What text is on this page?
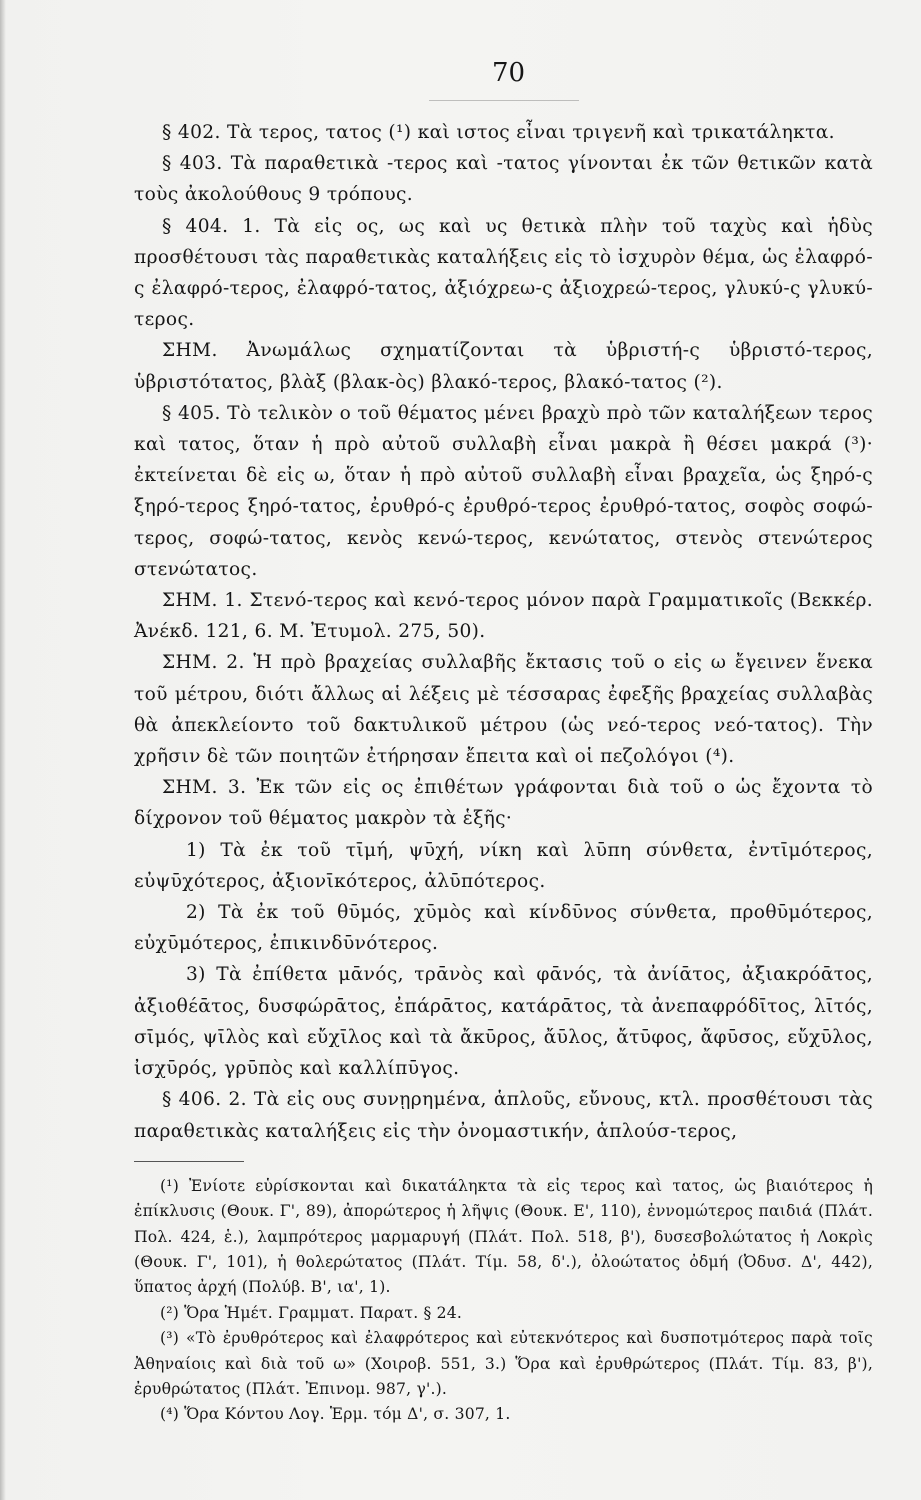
70

§ 402. Τὰ τερος, τατος (¹) καὶ ιστος εἶναι τριγενῆ καὶ τρικατάληκτα.

§ 403. Τὰ παραθετικὰ -τερος καὶ -τατος γίνονται ἐκ τῶν θετικῶν κατὰ τοὺς ἀκολούθους 9 τρόπους.

§ 404. 1. Τὰ εἰς ος, ως καὶ υς θετικὰ πλὴν τοῦ ταχὺς καὶ ἡδὺς προσθέτουσι τὰς παραθετικὰς καταλήξεις εἰς τὸ ἰσχυρὸν θέμα, ὡς ἐλαφρό-ς ἐλαφρό-τερος, ἐλαφρό-τατος, ἀξιόχρεω-ς ἀξιοχρεώ-τερος, γλυκύ-ς γλυκύ-τερος.

ΣΗΜ. Ἀνωμάλως σχηματίζονται τὰ ὑβριστή-ς ὑβριστό-τερος, ὑβριστότατος, βλὰξ (βλακ-ὸς) βλακό-τερος, βλακό-τατος (²).

§ 405. Τὸ τελικὸν ο τοῦ θέματος μένει βραχὺ πρὸ τῶν καταλήξεων τερος καὶ τατος, ὅταν ἡ πρὸ αὐτοῦ συλλαβὴ εἶναι μακρὰ ἢ θέσει μακρά (³)· ἐκτείνεται δὲ εἰς ω, ὅταν ἡ πρὸ αὐτοῦ συλλαβὴ εἶναι βραχεῖα, ὡς ξηρό-ς ξηρό-τερος ξηρό-τατος, ἐρυθρό-ς ἐρυθρό-τερος ἐρυθρό-τατος, σοφὸς σοφώ-τερος, σοφώ-τατος, κενὸς κενώ-τερος, κενώτατος, στενὸς στενώτερος στενώτατος.

ΣΗΜ. 1. Στενό-τερος καὶ κενό-τερος μόνον παρὰ Γραμματικοῖς (Βεκκέρ. Ἀνέκδ. 121, 6. Μ. Ἐτυμολ. 275, 50).

ΣΗΜ. 2. Ἡ πρὸ βραχείας συλλαβῆς ἔκτασις τοῦ ο εἰς ω ἔγεινεν ἕνεκα τοῦ μέτρου, διότι ἄλλως αἱ λέξεις μὲ τέσσαρας ἐφεξῆς βραχείας συλλαβὰς θὰ ἀπεκλείοντο τοῦ δακτυλικοῦ μέτρου (ὡς νεό-τερος νεό-τατος). Τὴν χρῆσιν δὲ τῶν ποιητῶν ἐτήρησαν ἔπειτα καὶ οἱ πεζολόγοι (⁴).

ΣΗΜ. 3. Ἐκ τῶν εἰς ος ἐπιθέτων γράφονται διὰ τοῦ ο ὡς ἔχοντα τὸ δίχρονον τοῦ θέματος μακρὸν τὰ ἑξῆς·

1) Τὰ ἐκ τοῦ τῑμή, ψῡχή, νίκη καὶ λῡπη σύνθετα, ἐντῑμότερος, εὐψῡχότερος, ἀξιονῑκότερος, ἀλῡπότερος.

2) Τὰ ἐκ τοῦ θῡμός, χῡμὸς καὶ κίνδῡνος σύνθετα, προθῡμότερος, εὐχῡμότερος, ἐπικινδῡνότερος.

3) Τὰ ἐπίθετα μᾱνός, τρᾱνὸς καὶ φᾱνός, τὰ ἀνίᾱτος, ἀξιακρόᾱτος, ἀξιοθέᾱτος, δυσφώρᾱτος, ἐπάρᾱτος, κατάρᾱτος, τὰ ἀνεπαφρόδῑτος, λῑτός, σῑμός, ψῑλὸς καὶ εὔχῑλος καὶ τὰ ἄκῡρος, ἄῡλος, ἄτῡφος, ἄφῡσος, εὔχῡλος, ἰσχῡρός, γρῡπὸς καὶ καλλίπῡγος.

§ 406. 2. Τὰ εἰς ους συνῃρημένα, ἁπλοῦς, εὔνους, κτλ. προσθέτουσι τὰς παραθετικὰς καταλήξεις εἰς τὴν ὀνομαστικήν, ἁπλούσ-τερος,

(¹) Ἐνίοτε εὑρίσκονται καὶ δικατάληκτα τὰ εἰς τερος καὶ τατος, ὡς βιαιότερος ἡ ἐπίκλυσις (Θουκ. Γ', 89), ἀπορώτερος ἡ λῆψις (Θουκ. Ε', 110), ἐννομώτερος παιδιά (Πλάτ. Πολ. 424, ἑ.), λαμπρότερος μαρμαρυγή (Πλάτ. Πολ. 518, β'), δυσεσβολώτατος ἡ Λοκρὶς (Θουκ. Γ', 101), ἡ θολερώτατος (Πλάτ. Τίμ. 58, δ'.), ὀλοώτατος ὀδμή (Ὀδυσ. Δ', 442), ὕπατος ἀρχή (Πολύβ. Β', ια', 1).

(²) Ὅρα Ἡμέτ. Γραμματ. Παρατ. § 24.

(³) «Τὸ ἐρυθρότερος καὶ ἐλαφρότερος καὶ εὐτεκνότερος καὶ δυσποτμότερος παρὰ τοῖς Ἀθηναίοις καὶ διὰ τοῦ ω» (Χοιροβ. 551, 3.) Ὅρα καὶ ἐρυθρώτερος (Πλάτ. Τίμ. 83, β'), ἐρυθρώτατος (Πλάτ. Ἐπινομ. 987, γ'.).

(⁴) Ὅρα Κόντου Λογ. Ἑρμ. τόμ Δ', σ. 307, 1.
